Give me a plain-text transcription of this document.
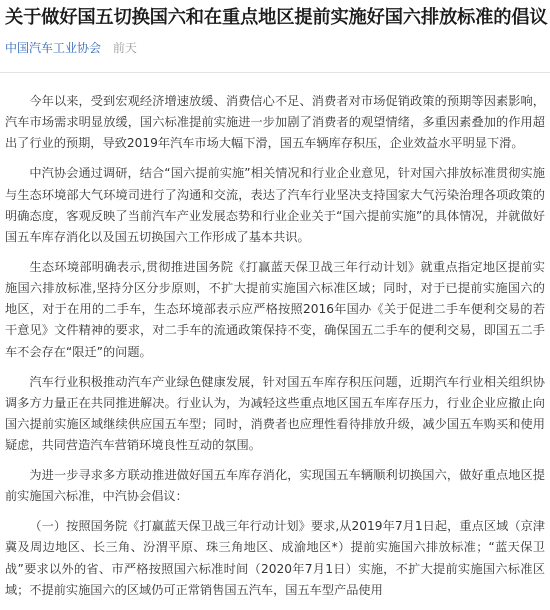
关于做好国五切换国六和在重点地区提前实施好国六排放标准的倡议
中国汽车工业协会 前天

今年以来，受到宏观经济增速放缓、消费信心不足、消费者对市场促销政策的预期等因素影响，汽车市场需求明显放缓，国六标准提前实施进一步加剧了消费者的观望情绪，多重因素叠加的作用超出了行业的预期，导致2019年汽车市场大幅下滑，国五车辆库存积压，企业效益水平明显下滑。

中汽协会通过调研，结合“国六提前实施”相关情况和行业企业意见，针对国六排放标准贯彻实施与生态环境部大气环境司进行了沟通和交流，表达了汽车行业坚决支持国家大气污染治理各项政策的明确态度，客观反映了当前汽车产业发展态势和行业企业关于“国六提前实施”的具体情况，并就做好国五车库存消化以及国五切换国六工作形成了基本共识。

生态环境部明确表示,贯彻推进国务院《打赢蓝天保卫战三年行动计划》就重点指定地区提前实施国六排放标准,坚持分区分步原则，不扩大提前实施国六标准区域；同时，对于已提前实施国六的地区，对于在用的二手车，生态环境部表示应严格按照2016年国办《关于促进二手车便利交易的若干意见》文件精神的要求，对二手车的流通政策保持不变，确保国五二手车的便利交易，即国五二手车不会存在“限迁”的问题。

汽车行业积极推动汽车产业绿色健康发展，针对国五车库存积压问题，近期汽车行业相关组织协调多方力量正在共同推进解决。行业认为，为减轻这些重点地区国五车库存压力，行业企业应撤止向国六提前实施区域继续供应国五车型；同时，消费者也应理性看待排放升级，减少国五车购买和使用疑虑，共同营造汽车营销环境良性互动的氛围。

为进一步寻求多方联动推进做好国五车库存消化，实现国五车辆顺利切换国六，做好重点地区提前实施国六标准，中汽协会倡议：

（一）按照国务院《打赢蓝天保卫战三年行动计划》要求,从2019年7月1日起，重点区域（京津冀及周边地区、长三角、汾渭平原、珠三角地区、成渝地区*）提前实施国六排放标准；“蓝天保卫战”要求以外的省、市严格按照国六标准时间（2020年7月1日）实施，不扩大提前实施国六标准区域；不提前实施国六的区域仍可正常销售国五汽车，国五车型产品使用
